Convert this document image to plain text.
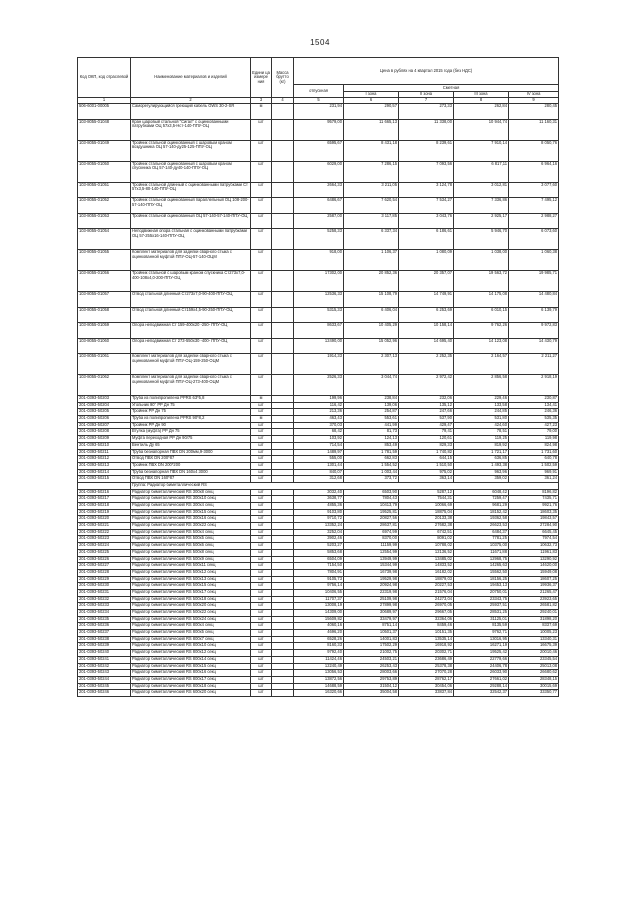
1504
Код ОКП, код отраслевой	Наименование материалов и изделий	Едини ца измере ния	Масса брутто (кг)	Цена в рублях на 4 квартал 2015 года (без НДС)				
				отпускная	Сметная			
					I зона	II зона	III зона	IV зона
1	2	3	4	5	6	7	8	9
506-6001-00005	Саморегулирующийся греющий кабель GWS 30-2-SR	м		231,94	290,57	273,33	262,84	280,45
103-8055-01048	Кран шаровый стальной "Сигал" с оцинкованными патрубками ОЦ 57х3,5-Нст-140-ППУ-ОЦ	шт		9579,00	11 665,13	11 338,00	10 944,74	11 160,31
103-8055-01049	Тройник стальной оцинкованный с шаровым краном воздушника ОЦ 57-140-ду25-125-ППУ-ОЦ	шт		6595,67	8 431,18	8 239,61	7 910,14	8 050,76
103-8055-01050	Тройник стальной оцинкованный с шаровым краном спускника ОЦ 57-140-ду40-140-ППУ-ОЦ	шт		6029,00	7 286,15	7 093,56	6 817,11	6 964,16
103-8055-01051	Тройник стальной длинный с оцинкованными патрубками Ст 57х3,5-80-140-ППУ-ОЦ	шт		2664,33	3 211,05	3 124,78	3 012,81	3 077,60
103-8055-01052	Тройник стальной оцинкованный параллельный ОЦ 108-200-57-140-ППУ-ОЦ	шт		6486,67	7 620,54	7 534,27	7 336,86	7 495,12
103-8055-01053	Тройник стальной оцинкованный ОЦ 57-140-57-140-ППУ-ОЦ	шт		2587,00	3 117,85	3 043,76	2 925,17	2 988,27
103-8055-01054	Неподвижная опора стальная с оцинкованными патрубками ОЦ 57-255х16-140-ППУ-ОЦ	шт		5258,33	6 337,34	6 186,61	5 946,70	6 073,60
103-8055-01055	Комплект материалов для заделки сварного стыка с оцинкованной муфтой ППУ-ОЦ-57-140-ОЦМ	шт		918,00	1 106,37	1 080,09	1 038,00	1 060,38
103-8055-01056	Тройник стальной с шаровым краном спускника Ст273х7,0-400-108х4,0-200-ППУ-ОЦ	шт		17302,00	20 852,36	20 357,07	19 563,72	19 985,71
103-8055-01057	Отвод стальной длинный Ст273х7,0-90-400-ППУ-ОЦ	шт		12536,33	15 108,79	14 749,91	14 175,08	14 480,84
103-8055-01058	Отвод стальной длинный Ст159х4,5-90-250-ППУ-ОЦ	шт		5315,33	6 406,04	6 253,69	6 010,15	6 139,79
103-8055-01059	Опора неподвижная Ст 159-400х20 -250- ППУ-ОЦ	шт		8633,67	10 405,29	10 158,14	9 762,26	9 972,83
103-8055-01060	Опора неподвижная Ст 273-550х30 -400- ППУ-ОЦ	шт		12490,00	15 052,96	14 695,40	14 123,08	14 430,79
103-8055-01061	Комплект материалов для заделки сварного стыка с оцинкованной муфтой ППУ-ОЦ-159-250-ОЦМ	шт		1914,33	2 307,13	2 252,35	2 164,57	2 211,27
103-8055-01062	Комплект материалов для заделки сварного стыка с оцинкованной муфтой ППУ-ОЦ-273-400-ОЦМ	шт		2526,33	3 044,74	2 972,42	2 856,58	2 918,19
201-0393-50203	Труба из полипропилена PPRS 63*5,8	м		199,96	238,84	232,06	229,46	230,87
201-0393-50204	Угольник 90° РР Дн 75	шт		116,42	139,06	135,12	133,58	134,41
201-0393-50205	Тройник РР Дн 75	шт		213,36	254,87	247,66	244,85	246,36
201-0393-50206	Труба из полипропилена PPRS 90*8,2	м		463,43	553,61	537,90	531,80	535,35
201-0393-50207	Тройник РР Дн 90	шт		370,03	441,99	429,47	424,60	427,23
201-0393-50208	Втулка (муфта) РР Дн 75	шт		68,42	81,73	79,41	78,51	79,00
201-0393-50209	Муфта переходная РР Дн 90/75	шт		103,92	124,13	120,61	119,25	119,98
201-0393-50210	Вентиль Ду 65	шт		714,54	853,49	829,33	819,92	824,98
201-0393-50211	Труба безнапорная ПВХ DN 200мм,9-3000	шт		1489,97	1 781,59	1 740,82	1 721,17	1 731,60
201-0393-50212	Отвод ПВХ DN 200*87	шт		555,00	662,83	644,15	636,85	640,78
201-0393-50213	Тройник ПВХ DN 200*200	шт		1301,44	1 554,52	1 510,50	1 493,38	1 502,59
201-0393-50214	Труба безнапорная ПВХ DN 160х4 3000	шт		840,07	1 003,44	975,02	963,96	969,91
201-0393-50215	Отвод ПВХ DN 160*87	шт		312,68	373,72	363,14	359,02	361,24
	Группа: Радиатор биметаллический RS							
201-0393-50216	Радиатор биметаллический RS 300х8 секц	шт		3032,40	6503,90	5287,12	6048,42	8196,82
201-0393-50217	Радиатор биметаллический RS 300х10 секц	шт		3638,77	7804,43	7544,31	7259,47	7435,71
201-0393-50218	Радиатор биметаллический RS 300х4 секц	шт		4855,36	10413,79	10066,69	9681,29	9921,76
201-0393-50219	Радиатор биметаллический RS 300х15 секц	шт		9103,80	19525,81	18875,04	18152,42	18603,35
201-0393-50220	Радиатор биметаллический RS 300х16 секц	шт		9710,72	20827,56	20133,38	19362,58	19843,57
201-0393-50221	Радиатор биметаллический RS 300х22 секц	шт		13352,24	28637,81	27682,38	26623,53	27284,90
201-0393-50222	Радиатор биметаллический RS 500х4 секц	шт		3252,04	6974,99	6742,51	6484,37	6645,45
201-0393-50223	Радиатор биметаллический RS 500х5 секц	шт		3902,46	8370,00	8091,02	7781,25	7974,54
201-0393-50224	Радиатор биметаллический RS 500х6 секц	шт		5203,27	11159,99	10788,02	10375,00	10632,73
201-0393-50225	Радиатор биметаллический RS 500х8 секц	шт		5853,68	12554,99	12136,52	11671,88	11961,83
201-0393-50226	Радиатор биметаллический RS 500х9 секц	шт		6504,09	13949,99	13485,02	12968,75	13290,92
201-0393-50227	Радиатор биметаллический RS 500х11 секц	шт		7154,50	15344,99	14833,52	14265,63	14620,00
201-0393-50228	Радиатор биметаллический RS 500х12 секц	шт		7804,91	16739,98	16182,02	15562,50	15949,08
201-0393-50229	Радиатор биметаллический RS 500х13 секц	шт		9105,73	19529,98	18879,03	18156,25	18607,25
201-0393-50230	Радиатор биметаллический RS 500х15 секц	шт		9756,14	20924,98	20227,53	19453,13	19936,37
201-0393-50231	Радиатор биметаллический RS 500х17 секц	шт		10406,55	22319,98	21576,04	20750,01	21265,47
201-0393-50232	Радиатор биметаллический RS 500х18 секц	шт		11707,37	25109,98	24273,04	23343,75	23923,65
201-0393-50233	Радиатор биметаллический RS 500х20 секц	шт		13008,19	27899,98	26970,05	25937,51	26581,82
201-0393-50234	Радиатор биметаллический RS 500х22 секц	шт		14309,00	30689,97	29667,05	28531,25	29240,01
201-0393-50235	Радиатор биметаллический RS 500х24 секц	шт		15609,82	33479,97	32364,06	31125,01	31898,20
201-0393-50236	Радиатор биметаллический RS 800х4 секц	шт		4060,16	8751,14	8459,46	8135,59	8337,69
201-0393-50237	Радиатор биметаллический RS 800х5 секц	шт		4696,20	10501,37	10151,35	9762,71	10005,23
201-0393-50238	Радиатор биметаллический RS 800х7 секц	шт		6528,26	14001,83	13535,14	13016,95	13340,31
201-0393-50239	Радиатор биметаллический RS 800х10 секц	шт		8160,33	17502,29	16918,92	16271,19	16675,39
201-0393-50240	Радиатор биметаллический RS 800х12 секц	шт		9792,40	21002,75	20302,71	19525,42	20010,46
201-0393-50241	Радиатор биметаллический RS 800х14 секц	шт		11424,46	24503,21	23686,49	22779,66	23345,54
201-0393-50242	Радиатор биметаллический RS 800х15 секц	шт		12240,49	26253,43	25378,38	24406,78	25013,08
201-0393-50243	Радиатор биметаллический RS 800х16 секц	шт		13056,53	28003,66	27070,28	26033,90	26680,62
201-0393-50244	Радиатор биметаллический RS 800х17 секц	шт		13872,56	29753,89	28762,17	27661,02	28348,15
201-0393-50245	Радиатор биметаллический RS 800х18 секц	шт		14688,59	31504,12	30454,06	29288,14	30015,69
201-0393-50246	Радиатор биметаллический RS 600х20 секц	шт		16320,66	35004,58	33837,84	32542,37	33350,77
